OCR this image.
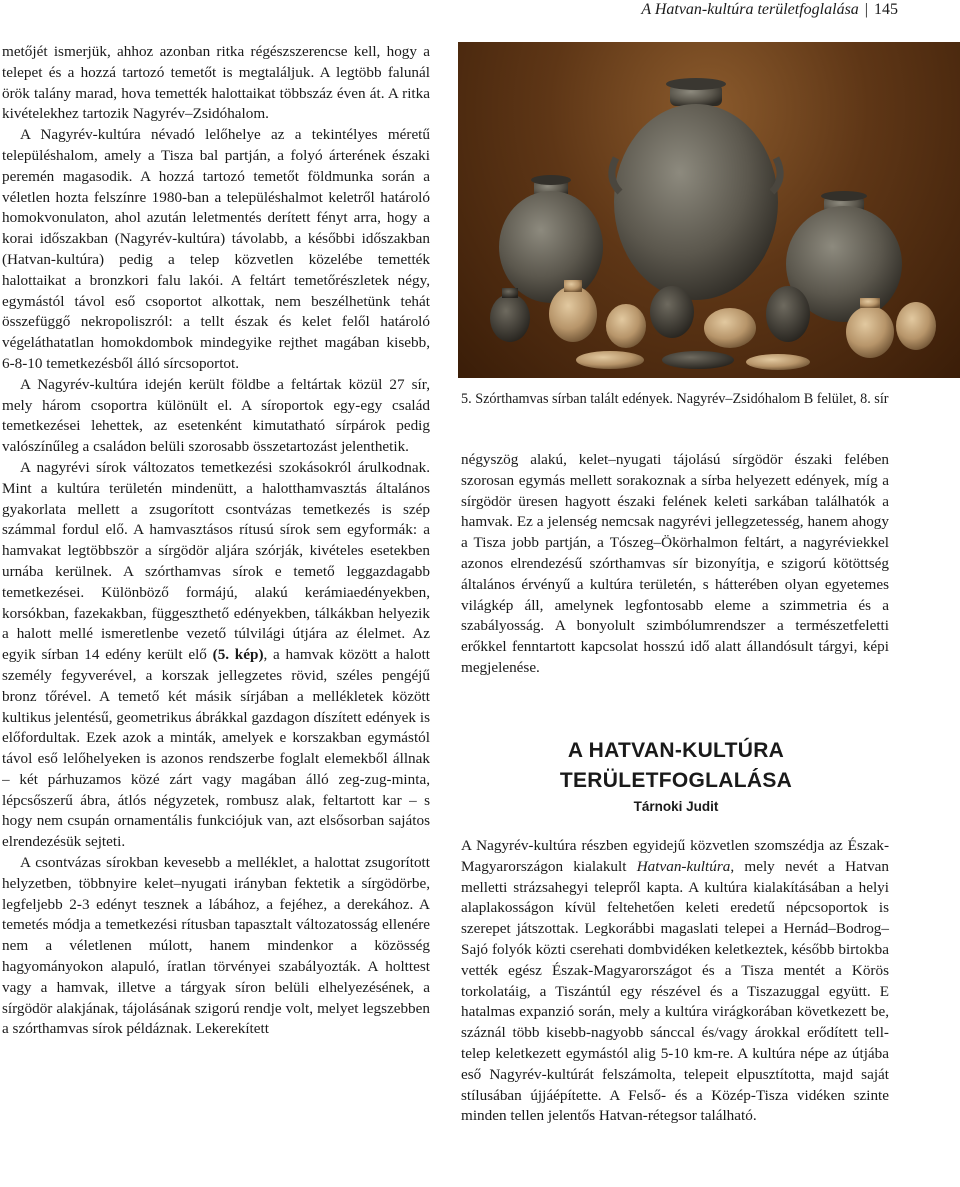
A Hatvan-kultúra területfoglalása | 145

metőjét ismerjük, ahhoz azonban ritka régészszerencse kell, hogy a telepet és a hozzá tartozó temetőt is megtaláljuk. A legtöbb falunál örök talány marad, hova temették halottaikat többszáz éven át. A ritka kivételekhez tartozik Nagyrév–Zsidóhalom.

A Nagyrév-kultúra névadó lelőhelye az a tekintélyes méretű településhalom, amely a Tisza bal partján, a folyó árterének északi peremén magasodik. A hozzá tartozó temetőt földmunka során a véletlen hozta felszínre 1980-ban a településhalmot keletről határoló homokvonulaton, ahol azután leletmentés derített fényt arra, hogy a korai időszakban (Nagyrév-kultúra) távolabb, a későbbi időszakban (Hatvan-kultúra) pedig a telep közvetlen közelébe temették halottaikat a bronzkori falu lakói. A feltárt temetőrészletek négy, egymástól távol eső csoportot alkottak, nem beszélhetünk tehát összefüggő nekropoliszról: a tellt észak és kelet felől határoló végeláthatatlan homokdombok mindegyike rejthet magában kisebb, 6-8-10 temetkezésből álló sírcsoportot.

A Nagyrév-kultúra idején került földbe a feltártak közül 27 sír, mely három csoportra különült el. A síroportok egy-egy család temetkezései lehettek, az esetenként kimutatható sírpárok pedig valószínűleg a családon belüli szorosabb összetartozást jelenthetik.

A nagyrévi sírok változatos temetkezési szokásokról árulkodnak. Mint a kultúra területén mindenütt, a halotthamvasztás általános gyakorlata mellett a zsugorított csontvázas temetkezés is szép számmal fordul elő. A hamvasztásos rítusú sírok sem egyformák: a hamvakat legtöbbször a sírgödör aljára szórják, kivételes esetekben urnába kerülnek. A szórthamvas sírok e temető leggazdagabb temetkezései. Különböző formájú, alakú kerámiaedényekben, korsókban, fazekakban, függeszthető edényekben, tálkákban helyezik a halott mellé ismeretlenbe vezető túlvilági útjára az élelmet. Az egyik sírban 14 edény került elő (5. kép), a hamvak között a halott személy fegyverével, a korszak jellegzetes rövid, széles pengéjű bronz tőrével. A temető két másik sírjában a mellékletek között kultikus jelentésű, geometrikus ábrákkal gazdagon díszített edények is előfordultak. Ezek azok a minták, amelyek e korszakban egymástól távol eső lelőhelyeken is azonos rendszerbe foglalt elemekből állnak – két párhuzamos közé zárt vagy magában álló zeg-zug-minta, lépcsőszerű ábra, átlós négyzetek, rombusz alak, feltartott kar – s hogy nem csupán ornamentális funkciójuk van, azt elsősorban sajátos elrendezésük sejteti.

A csontvázas sírokban kevesebb a melléklet, a halottat zsugorított helyzetben, többnyire kelet–nyugati irányban fektetik a sírgödörbe, legfeljebb 2-3 edényt tesznek a lábához, a fejéhez, a derekához. A temetés módja a temetkezési rítusban tapasztalt változatosság ellenére nem a véletlenen múlott, hanem mindenkor a közösség hagyományokon alapuló, íratlan törvényei szabályozták. A holttest vagy a hamvak, illetve a tárgyak síron belüli elhelyezésének, a sírgödör alakjának, tájolásának szigorú rendje volt, melyet legszebben a szórthamvas sírok példáznak. Lekerekített

5. Szórthamvas sírban talált edények. Nagyrév–Zsidóhalom B felület, 8. sír

négyszög alakú, kelet–nyugati tájolású sírgödör északi felében szorosan egymás mellett sorakoznak a sírba helyezett edények, míg a sírgödör üresen hagyott északi felének keleti sarkában találhatók a hamvak. Ez a jelenség nemcsak nagyrévi jellegzetesség, hanem ahogy a Tisza jobb partján, a Tószeg–Ökörhalmon feltárt, a nagyréviekkel azonos elrendezésű szórthamvas sír bizonyítja, e szigorú kötöttség általános érvényű a kultúra területén, s hátterében olyan egyetemes világkép áll, amelynek legfontosabb eleme a szimmetria és a szabályosság. A bonyolult szimbólumrendszer a természetfeletti erőkkel fenntartott kapcsolat hosszú idő alatt állandósult tárgyi, képi megjelenése.

A HATVAN-KULTÚRA
TERÜLETFOGLALÁSA
Tárnoki Judit

A Nagyrév-kultúra részben egyidejű közvetlen szomszédja az Észak-Magyarországon kialakult Hatvan-kultúra, mely nevét a Hatvan melletti strázsahegyi telepről kapta. A kultúra kialakításában a helyi alaplakosságon kívül feltehetően keleti eredetű népcsoportok is szerepet játszottak. Legkorábbi magaslati telepei a Hernád–Bodrog–Sajó folyók közti cserehati dombvidéken keletkeztek, később birtokba vették egész Észak-Magyarországot és a Tisza mentét a Körös torkolatáig, a Tiszántúl egy részével és a Tiszazuggal együtt. E hatalmas expanzió során, mely a kultúra virágkorában következett be, száznál több kisebb-nagyobb sánccal és/vagy árokkal erődített tell-telep keletkezett egymástól alig 5-10 km-re. A kultúra népe az útjába eső Nagyrév-kultúrát felszámolta, telepeit elpusztította, majd saját stílusában újjáépítette. A Felső- és a Közép-Tisza vidéken szinte minden tellen jelentős Hatvan-rétegsor található.
